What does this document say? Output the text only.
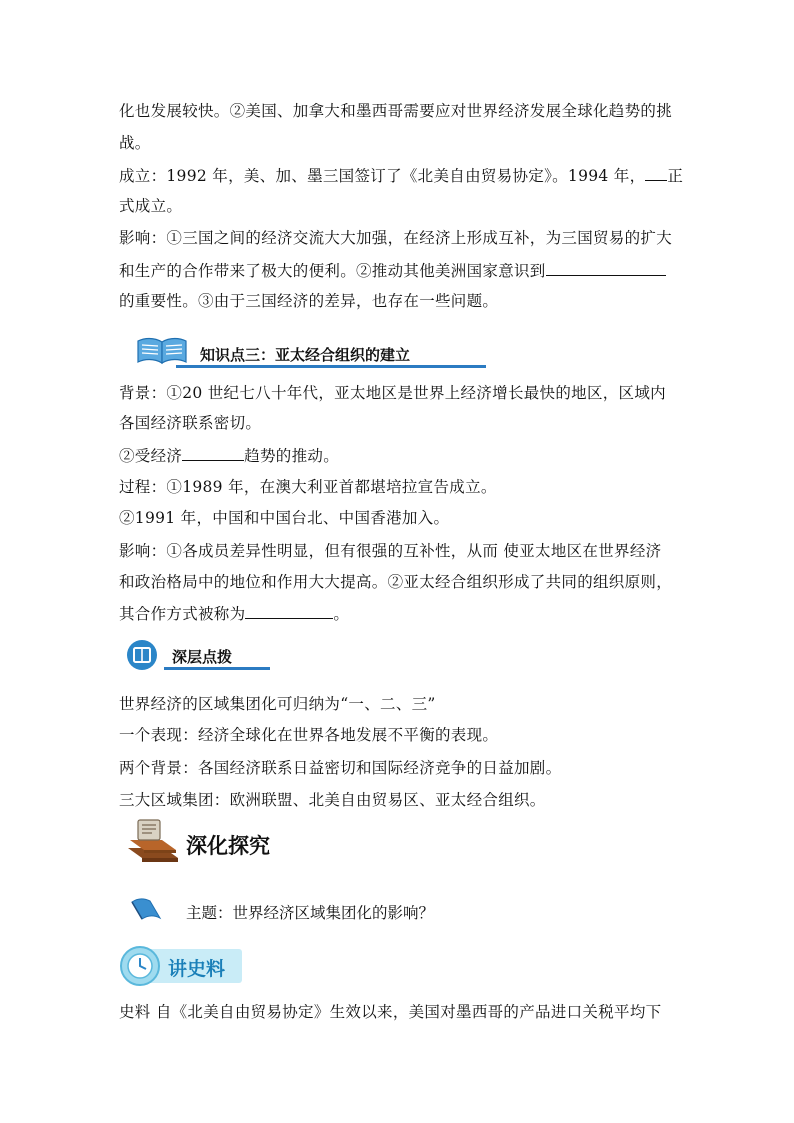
化也发展较快。②美国、加拿大和墨西哥需要应对世界经济发展全球化趋势的挑
战。
成立：1992 年，美、加、墨三国签订了《北美自由贸易协定》。1994 年， 正
式成立。
影响：①三国之间的经济交流大大加强，在经济上形成互补，为三国贸易的扩大
和生产的合作带来了极大的便利。②推动其他美洲国家意识到
的重要性。③由于三国经济的差异，也存在一些问题。
知识点三：亚太经合组织的建立
背景：①20 世纪七八十年代，亚太地区是世界上经济增长最快的地区，区域内
各国经济联系密切。
②受经济	趋势的推动。
过程：①1989 年，在澳大利亚首都堪培拉宣告成立。
②1991 年，中国和中国台北、中国香港加入。
影响：①各成员差异性明显，但有很强的互补性，从而 使亚太地区在世界经济
和政治格局中的地位和作用大大提高。②亚太经合组织形成了共同的组织原则，
其合作方式被称为	。
深层点拨
世界经济的区域集团化可归纳为“一、二、三”
一个表现：经济全球化在世界各地发展不平衡的表现。
两个背景：各国经济联系日益密切和国际经济竞争的日益加剧。
三大区域集团：欧洲联盟、北美自由贸易区、亚太经合组织。
深化探究
主题：世界经济区域集团化的影响？
讲史料
史料 自《北美自由贸易协定》生效以来，美国对墨西哥的产品进口关税平均下
